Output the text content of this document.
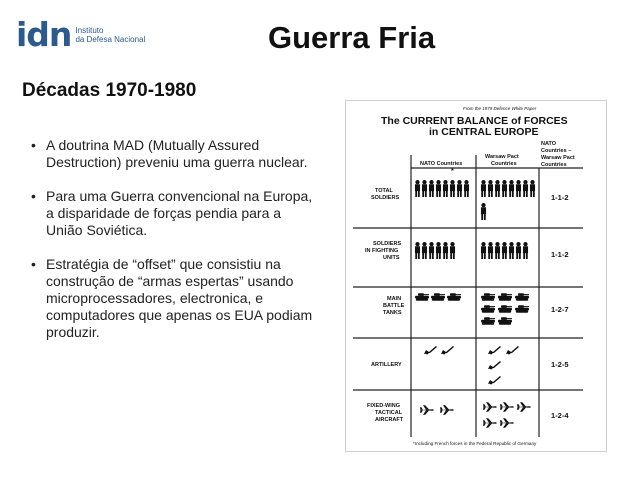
idn Instituto
da Defesa Nacional	Guerra Fria
Décadas 1970-1980
• A doutrina MAD (Mutually Assured Destruction) preveniu uma guerra nuclear.
• Para uma Guerra convencional na Europa, a disparidade de forças pendia para a União Soviética.
• Estratégia de “offset” que consistiu na construção de “armas espertas” usando microprocessadores, electronica, e computadores que apenas os EUA podiam produzir.
From the 1979 Defence White Paper
The CURRENT BALANCE of FORCES
in CENTRAL EUROPE
NATO Countries
*
Warsaw Pact
Countries
NATO
Countries –
Warsaw Pact
Countries
TOTAL
SOLDIERS
SOLDIERS
IN FIGHTING
UNITS
MAIN
BATTLE
TANKS
ARTILLERY
FIXED-WING
TACTICAL
AIRCRAFT
1-1-2
1-1-2
1-2-7
1-2-5
1-2-4
*Including French forces in the Federal Republic of Germany
